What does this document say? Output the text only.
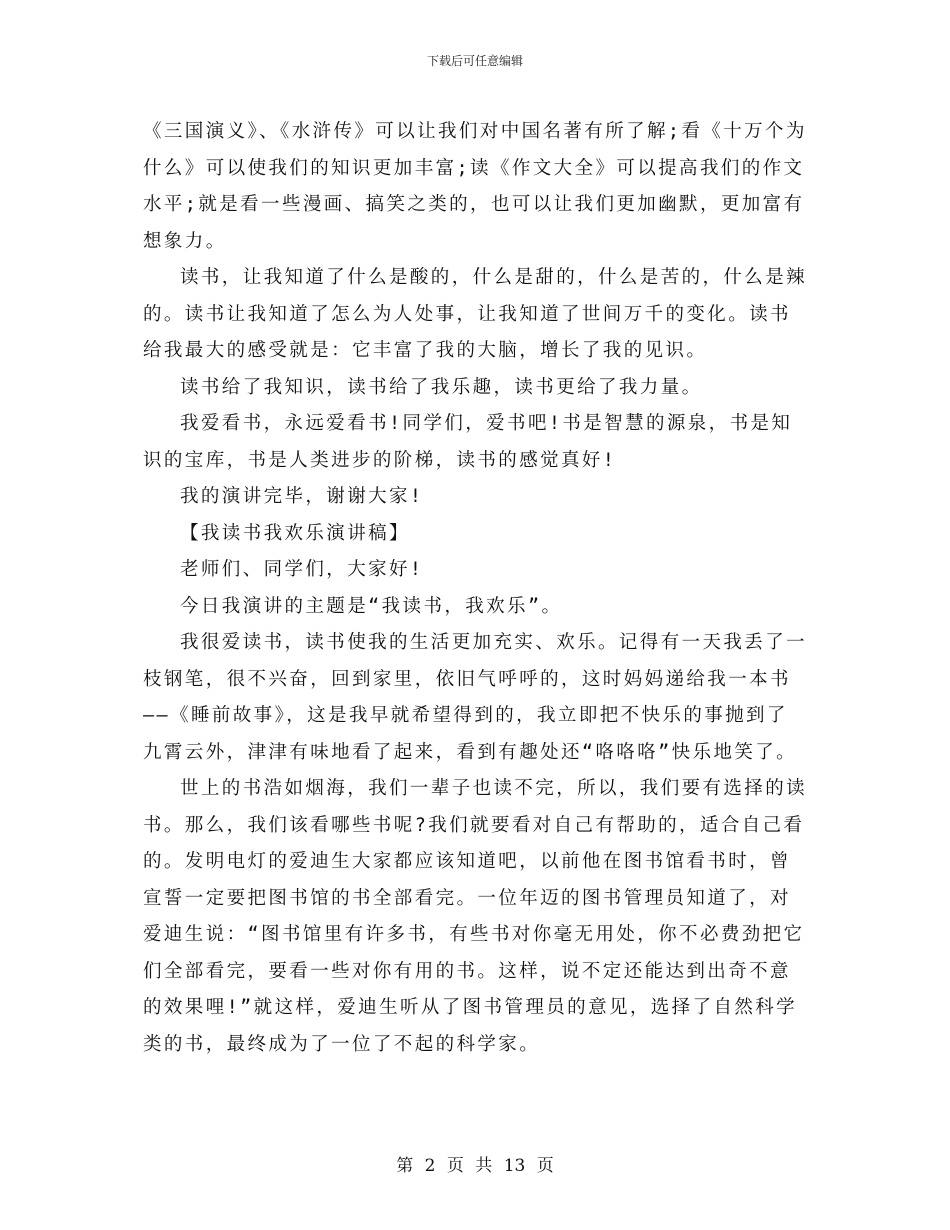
下载后可任意编辑

《三国演义》、《水浒传》可以让我们对中国名著有所了解;看《十万个为什么》可以使我们的知识更加丰富;读《作文大全》可以提高我们的作文水平;就是看一些漫画、搞笑之类的，也可以让我们更加幽默，更加富有想象力。

读书，让我知道了什么是酸的，什么是甜的，什么是苦的，什么是辣的。读书让我知道了怎么为人处事，让我知道了世间万千的变化。读书给我最大的感受就是：它丰富了我的大脑，增长了我的见识。

读书给了我知识，读书给了我乐趣，读书更给了我力量。

我爱看书，永远爱看书!同学们，爱书吧!书是智慧的源泉，书是知识的宝库，书是人类进步的阶梯，读书的感觉真好!

我的演讲完毕，谢谢大家!

【我读书我欢乐演讲稿】

老师们、同学们，大家好!

今日我演讲的主题是“我读书，我欢乐”。

我很爱读书，读书使我的生活更加充实、欢乐。记得有一天我丢了一枝钢笔，很不兴奋，回到家里，依旧气呼呼的，这时妈妈递给我一本书——《睡前故事》，这是我早就希望得到的，我立即把不快乐的事抛到了九霄云外，津津有味地看了起来，看到有趣处还“咯咯咯”快乐地笑了。

世上的书浩如烟海，我们一辈子也读不完，所以，我们要有选择的读书。那么，我们该看哪些书呢?我们就要看对自己有帮助的，适合自己看的。发明电灯的爱迪生大家都应该知道吧，以前他在图书馆看书时，曾宣誓一定要把图书馆的书全部看完。一位年迈的图书管理员知道了，对爱迪生说：“图书馆里有许多书，有些书对你毫无用处，你不必费劲把它们全部看完，要看一些对你有用的书。这样，说不定还能达到出奇不意的效果哩!”就这样，爱迪生听从了图书管理员的意见，选择了自然科学类的书，最终成为了一位了不起的科学家。

第 2 页 共 13 页
